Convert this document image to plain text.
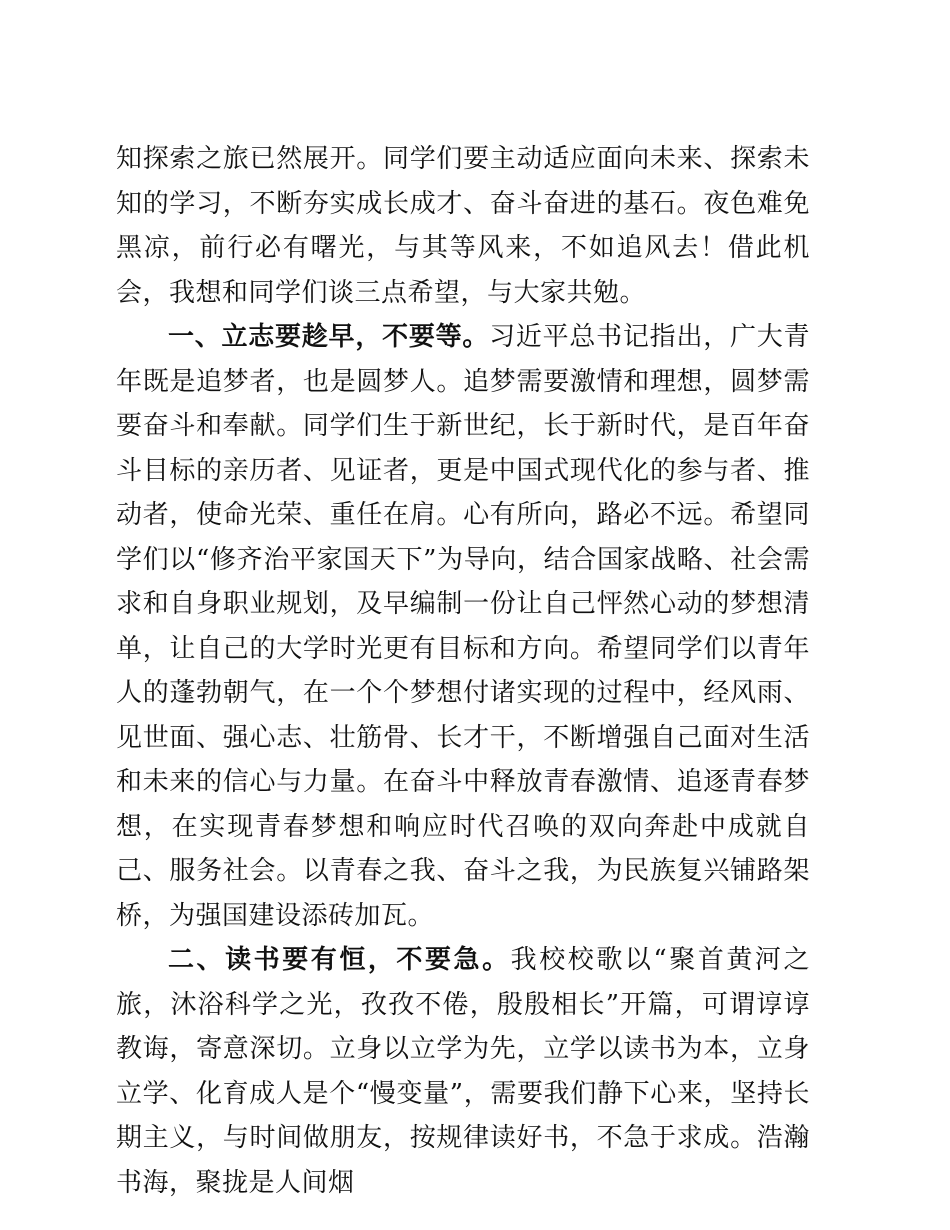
知探索之旅已然展开。同学们要主动适应面向未来、探索未知的学习，不断夯实成长成才、奋斗奋进的基石。夜色难免黑凉，前行必有曙光，与其等风来，不如追风去！借此机会，我想和同学们谈三点希望，与大家共勉。

一、立志要趁早，不要等。习近平总书记指出，广大青年既是追梦者，也是圆梦人。追梦需要激情和理想，圆梦需要奋斗和奉献。同学们生于新世纪，长于新时代，是百年奋斗目标的亲历者、见证者，更是中国式现代化的参与者、推动者，使命光荣、重任在肩。心有所向，路必不远。希望同学们以“修齐治平家国天下”为导向，结合国家战略、社会需求和自身职业规划，及早编制一份让自己怦然心动的梦想清单，让自己的大学时光更有目标和方向。希望同学们以青年人的蓬勃朝气，在一个个梦想付诸实现的过程中，经风雨、见世面、强心志、壮筋骨、长才干，不断增强自己面对生活和未来的信心与力量。在奋斗中释放青春激情、追逐青春梦想，在实现青春梦想和响应时代召唤的双向奔赴中成就自己、服务社会。以青春之我、奋斗之我，为民族复兴铺路架桥，为强国建设添砖加瓦。

二、读书要有恒，不要急。我校校歌以“聚首黄河之旅，沐浴科学之光，孜孜不倦，殷殷相长”开篇，可谓谆谆教诲，寄意深切。立身以立学为先，立学以读书为本，立身立学、化育成人是个“慢变量”，需要我们静下心来，坚持长期主义，与时间做朋友，按规律读好书，不急于求成。浩瀚书海，聚拢是人间烟
